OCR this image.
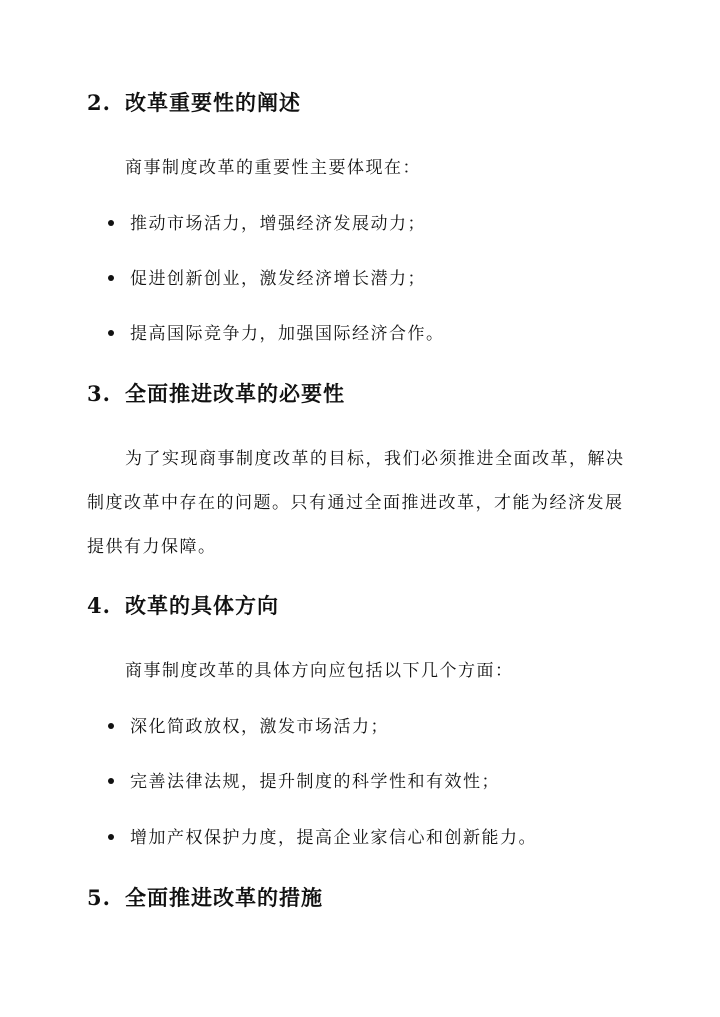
2. 改革重要性的阐述

商事制度改革的重要性主要体现在：

推动市场活力，增强经济发展动力；

促进创新创业，激发经济增长潜力；

提高国际竞争力，加强国际经济合作。

3. 全面推进改革的必要性

为了实现商事制度改革的目标，我们必须推进全面改革，解决

制度改革中存在的问题。只有通过全面推进改革，才能为经济发展

提供有力保障。

4. 改革的具体方向

商事制度改革的具体方向应包括以下几个方面：

深化简政放权，激发市场活力；

完善法律法规，提升制度的科学性和有效性；

增加产权保护力度，提高企业家信心和创新能力。

5. 全面推进改革的措施
